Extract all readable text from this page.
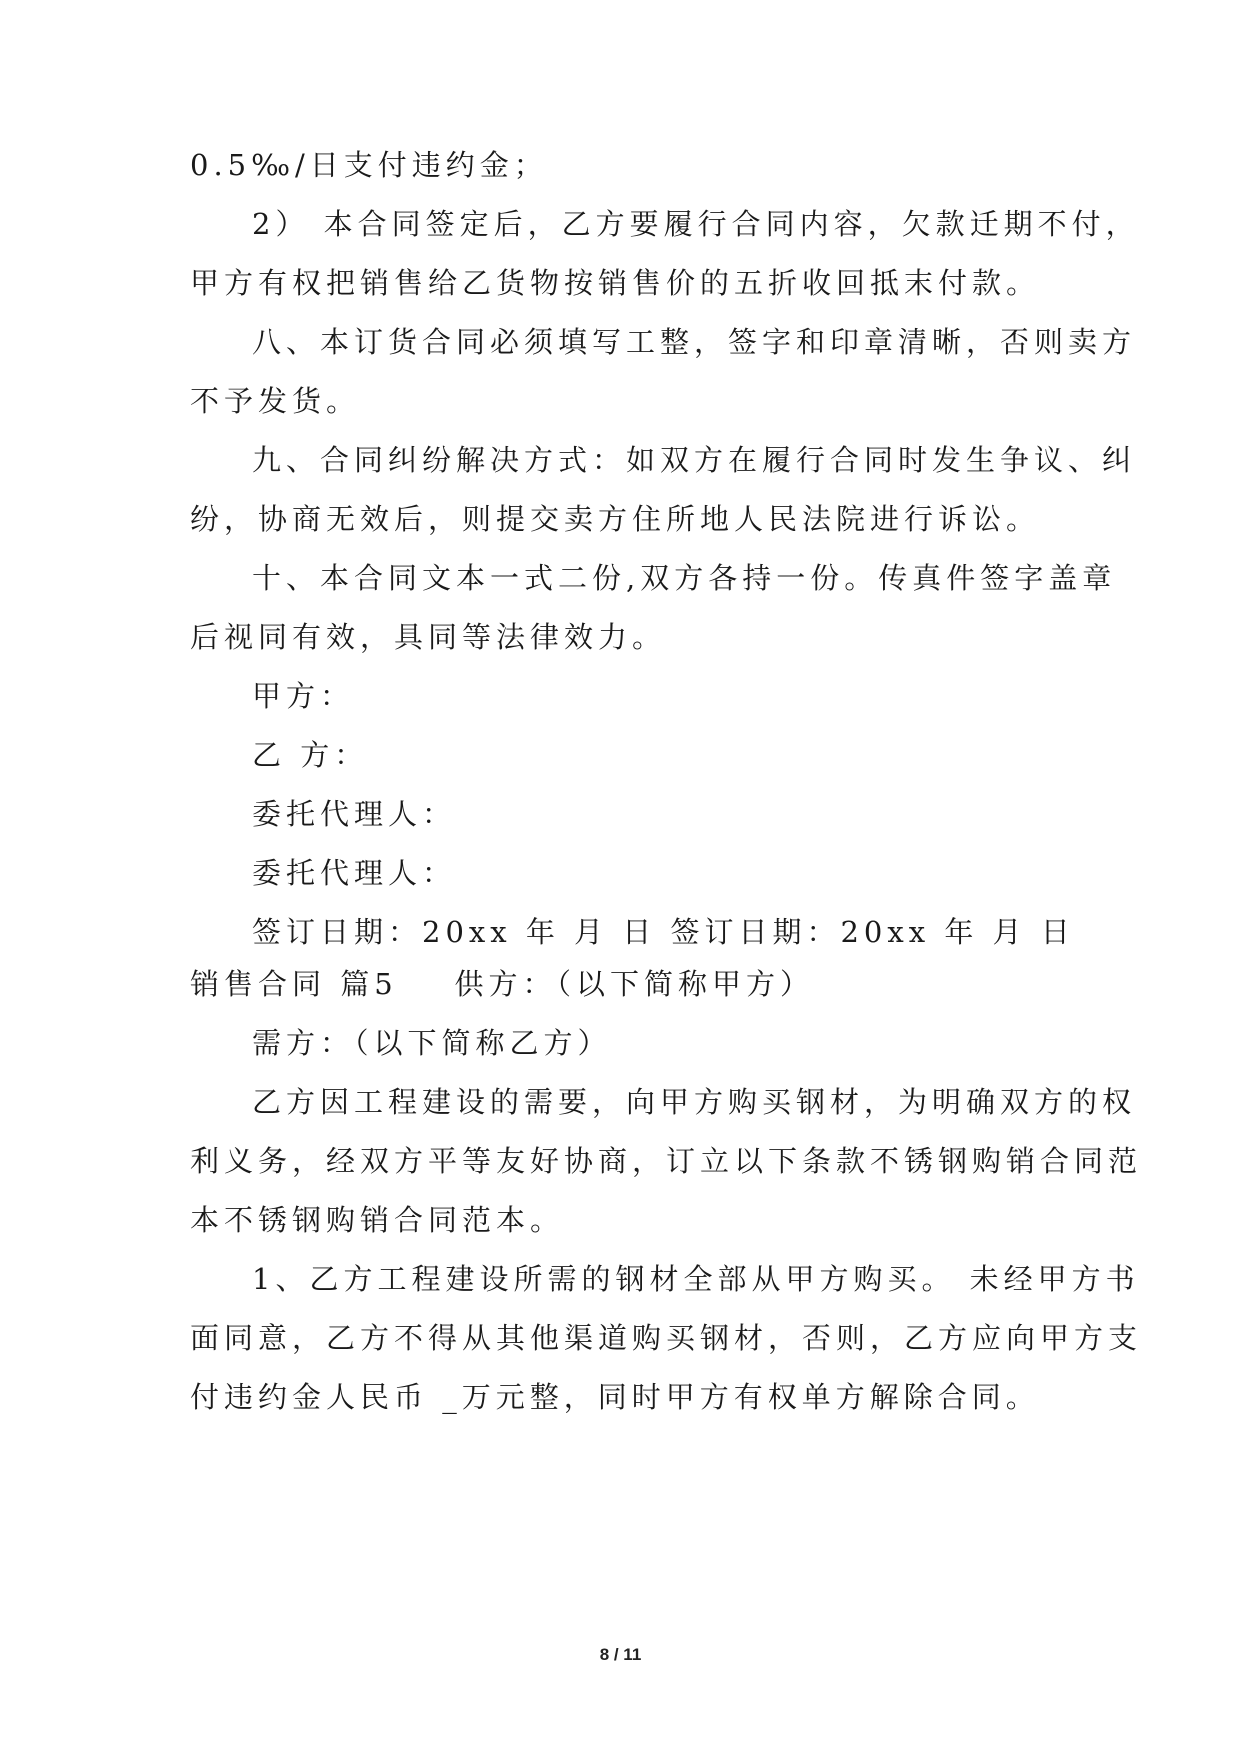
0.5‰/日支付违约金；
2） 本合同签定后，乙方要履行合同内容，欠款迁期不付，
甲方有权把销售给乙货物按销售价的五折收回抵末付款。
八、本订货合同必须填写工整，签字和印章清晰，否则卖方
不予发货。
九、合同纠纷解决方式：如双方在履行合同时发生争议、纠
纷，协商无效后，则提交卖方住所地人民法院进行诉讼。
十、本合同文本一式二份,双方各持一份。传真件签字盖章
后视同有效，具同等法律效力。
甲方：
乙 方：
委托代理人：
委托代理人：
签订日期：20xx 年 月 日 签订日期：20xx 年 月 日
销售合同 篇5    供方：（以下简称甲方）
需方：（以下简称乙方）
乙方因工程建设的需要，向甲方购买钢材，为明确双方的权
利义务，经双方平等友好协商，订立以下条款不锈钢购销合同范
本不锈钢购销合同范本。
1、乙方工程建设所需的钢材全部从甲方购买。 未经甲方书
面同意，乙方不得从其他渠道购买钢材，否则，乙方应向甲方支
付违约金人民币 _万元整，同时甲方有权单方解除合同。
8 / 11
